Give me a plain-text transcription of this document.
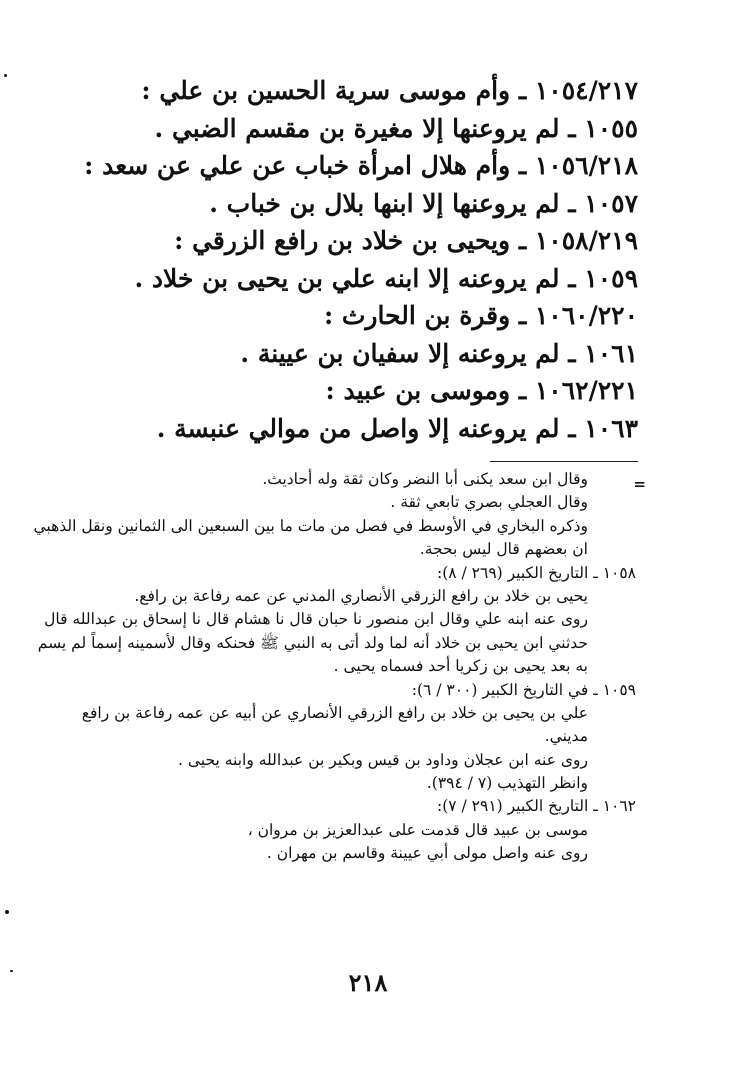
١٠٥٤/٢١٧ ـ وأم موسى سرية الحسين بن علي :
١٠٥٥ ـ لم يروعنها إلا مغيرة بن مقسم الضبي .
١٠٥٦/٢١٨ ـ وأم هلال امرأة خباب عن علي عن سعد :
١٠٥٧ ـ لم يروعنها إلا ابنها بلال بن خباب .
١٠٥٨/٢١٩ ـ ويحيى بن خلاد بن رافع الزرقي :
١٠٥٩ ـ لم يروعنه إلا ابنه علي بن يحيى بن خلاد .
١٠٦٠/٢٢٠ ـ وقرة بن الحارث :
١٠٦١ ـ لم يروعنه إلا سفيان بن عيينة .
١٠٦٢/٢٢١ ـ وموسى بن عبيد :
١٠٦٣ ـ لم يروعنه إلا واصل من موالي عنبسة .
=
وقال ابن سعد يكنى أبا النضر وكان ثقة وله أحاديث.
وقال العجلي بصري تابعي ثقة .
وذكره البخاري في الأوسط في فصل من مات ما بين السبعين الى الثمانين ونقل الذهبي
ان بعضهم قال ليس بحجة.
١٠٥٨ ـ التاريخ الكبير (٢٦٩ / ٨):
يحيى بن خلاد بن رافع الزرقي الأنصاري المدني عن عمه رفاعة بن رافع.
روى عنه ابنه علي وقال ابن منصور نا حبان قال نا هشام قال نا إسحاق بن عبدالله قال
حدثني ابن يحيى بن خلاد أنه لما ولد أتى به النبي ﷺ فحنكه وقال لأسمينه إسماً لم يسم
به بعد يحيى بن زكريا أحد فسماه يحيى .
١٠٥٩ ـ في التاريخ الكبير (٣٠٠ / ٦):
علي بن يحيى بن خلاد بن رافع الزرقي الأنصاري عن أبيه عن عمه رفاعة بن رافع
مديني.
روى عنه ابن عجلان وداود بن قيس وبكير بن عبدالله وابنه يحيى .
وانظر التهذيب (٧ / ٣٩٤).
١٠٦٢ ـ التاريخ الكبير (٢٩١ / ٧):
موسى بن عبيد قال قدمت على عبدالعزيز بن مروان ،
روى عنه واصل مولى أبي عيينة وقاسم بن مهران .
٢١٨
